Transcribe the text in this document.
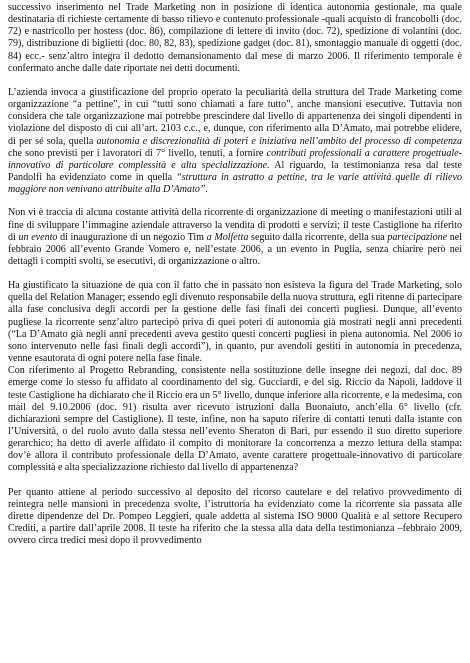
successivo inserimento nel Trade Marketing non in posizione di identica autonomia gestionale, ma quale destinataria di richieste certamente di basso rilievo e contenuto professionale -quali acquisto di francobolli (doc. 72) e nastricollo per hostess (doc. 86), compilazione di lettere di invito (doc. 72), spedizione di volantini (doc. 79), distribuzione di biglietti (doc. 80, 82, 83), spedizione gadget (doc. 81), smontaggio manuale di oggetti (doc. 84) ecc.- senz’altro integra il dedotto demansionamento dal mese di marzo 2006. Il riferimento temporale è confermato anche dalle date riportate nei detti documenti.

L’azienda invoca a giustificazione del proprio operato la peculiarità della struttura del Trade Marketing come organizzazione “a pettine”, in cui “tutti sono chiamati a fare tutto”, anche mansioni esecutive. Tuttavia non considera che tale organizzazione mai potrebbe prescindere dal livello di appartenenza dei singoli dipendenti in violazione del disposto di cui all’art. 2103 c.c., e, dunque, con riferimento alla D’Amato, mai potrebbe elidere, di per sé sola, quella autonomia e discrezionalità di poteri e iniziativa nell’ambito del processo di competenza che sono previsti per i lavoratori di 7° livello, tenuti, a fornire contributi professionali a carattere progettuale-innovativo di particolare complessità e alta specializzazione. Al riguardo, la testimonianza resa dal teste Pandolfi ha evidenziato come in quella “struttura in astratto a pettine, tra le varie attività quelle di rilievo maggiore non venivano attribuite alla D’Amato”.

Non vi è traccia di alcuna costante attività della ricorrente di organizzazione di meeting o manifestazioni utili al fine di sviluppare l’immagine aziendale attraverso la vendita di prodotti e servizi; il teste Castiglione ha riferito di un evento di inaugurazione di un negozio Tim a Molfetta seguito dalla ricorrente, della sua partecipazione nel febbraio 2006 all’evento Grande Vomero e, nell’estate 2006, a un evento in Puglia, senza chiarire però nei dettagli i compiti svolti, se esecutivi, di organizzazione o altro.

Ha giustificato la situazione de qua con il fatto che in passato non esisteva la figura del Trade Marketing, solo quella del Relation Manager; essendo egli divenuto responsabile della nuova struttura, egli ritenne di partecipare alla fase conclusiva degli accordi per la gestione delle fasi finali dei concerti pugliesi. Dunque, all’evento pugliese la ricorrente senz’altro partecipò priva di quei poteri di autonomia già mostrati negli anni precedenti (“La D’Amato già negli anni precedenti aveva gestito questi concerti pugliesi in piena autonomia. Nel 2006 io sono intervenuto nelle fasi finali degli accordi”), in quanto, pur avendoli gestiti in autonomia in precedenza, venne esautorata di ogni potere nella fase finale.

Con riferimento al Progetto Rebranding, consistente nella sostituzione delle insegne dei negozi, dal doc. 89 emerge come lo stesso fu affidato al coordinamento del sig. Gucciardi, e del sig. Riccio da Napoli, laddove il teste Castiglione ha dichiarato che il Riccio era un 5° livello, dunque inferiore alla ricorrente, e la medesima, con mail del 9.10.2006 (doc. 91) risulta aver ricevuto istruzioni dalla Buonaiuto, anch’ella 6° livello (cfr. dichiarazioni sempre del Castiglione). Il teste, infine, non ha saputo riferire di contatti tenuti dalla istante con l’Università, o del ruolo avuto dalla stessa nell’evento Sheraton di Bari, pur essendo il suo diretto superiore gerarchico; ha detto di averle affidato il compito di monitorare la concorrenza a mezzo lettura della stampa: dov’è allora il contributo professionale della D’Amato, avente carattere progettuale-innovativo di particolare complessità e alta specializzazione richiesto dal livello di appartenenza?

Per quanto attiene al periodo successivo al deposito del ricorso cautelare e del relativo provvedimento di reintegra nelle mansioni in precedenza svolte, l’istruttoria ha evidenziato come la ricorrente sia passata alle dirette dipendenze del Dr. Pompeo Leggieri, quale addetta al sistema ISO 9000 Qualità e al settore Recupero Crediti, a partire dall’aprile 2008. Il teste ha riferito che la stessa alla data della testimonianza –febbraio 2009, ovvero circa tredici mesi dopo il provvedimento
